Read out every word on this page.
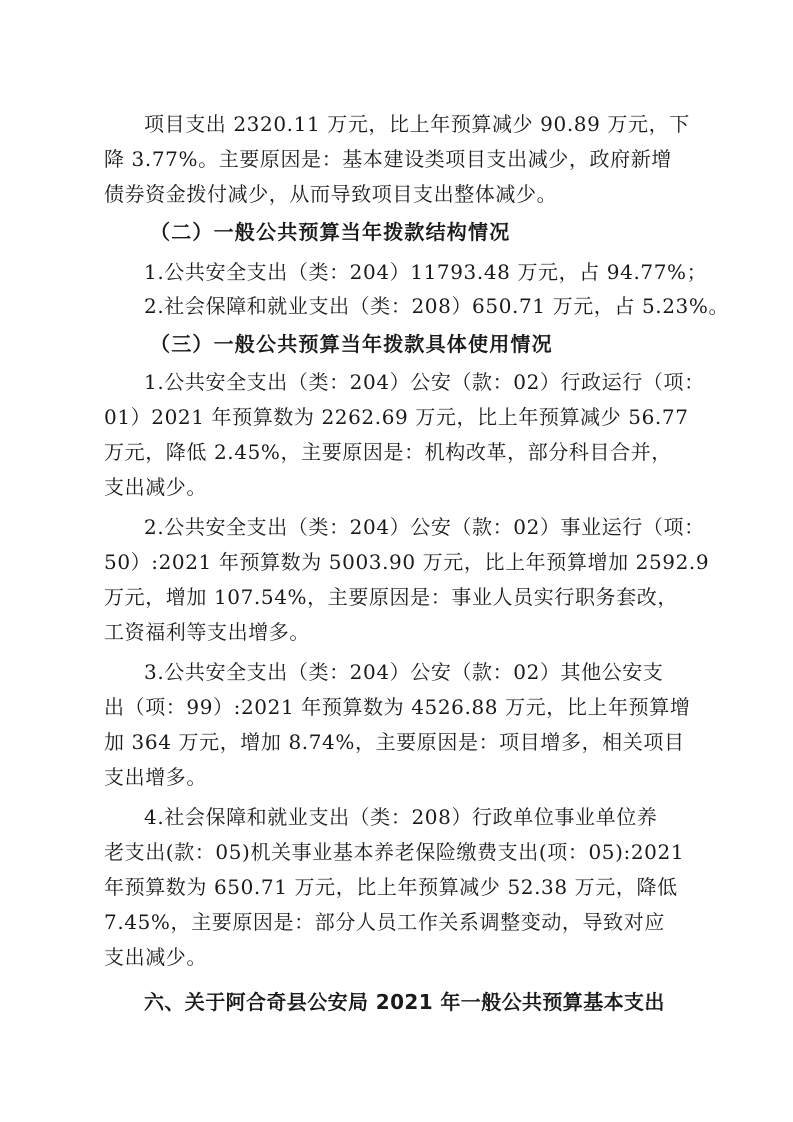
项目支出 2320.11 万元，比上年预算减少 90.89 万元，下
降 3.77%。主要原因是：基本建设类项目支出减少，政府新增
债券资金拨付减少，从而导致项目支出整体减少。
（二）一般公共预算当年拨款结构情况
1.公共安全支出（类：204）11793.48 万元，占 94.77%；
2.社会保障和就业支出（类：208）650.71 万元，占 5.23%。
（三）一般公共预算当年拨款具体使用情况
1.公共安全支出（类：204）公安（款：02）行政运行（项：
01）2021 年预算数为 2262.69 万元，比上年预算减少 56.77
万元，降低 2.45%，主要原因是：机构改革，部分科目合并，
支出减少。
2.公共安全支出（类：204）公安（款：02）事业运行（项：
50）:2021 年预算数为 5003.90 万元，比上年预算增加 2592.9
万元，增加 107.54%，主要原因是：事业人员实行职务套改，
工资福利等支出增多。
3.公共安全支出（类：204）公安（款：02）其他公安支
出（项：99）:2021 年预算数为 4526.88 万元，比上年预算增
加 364 万元，增加 8.74%，主要原因是：项目增多，相关项目
支出增多。
4.社会保障和就业支出（类：208）行政单位事业单位养
老支出(款：05)机关事业基本养老保险缴费支出(项：05):2021
年预算数为 650.71 万元，比上年预算减少 52.38 万元，降低
7.45%，主要原因是：部分人员工作关系调整变动，导致对应
支出减少。
六、关于阿合奇县公安局 2021 年一般公共预算基本支出
